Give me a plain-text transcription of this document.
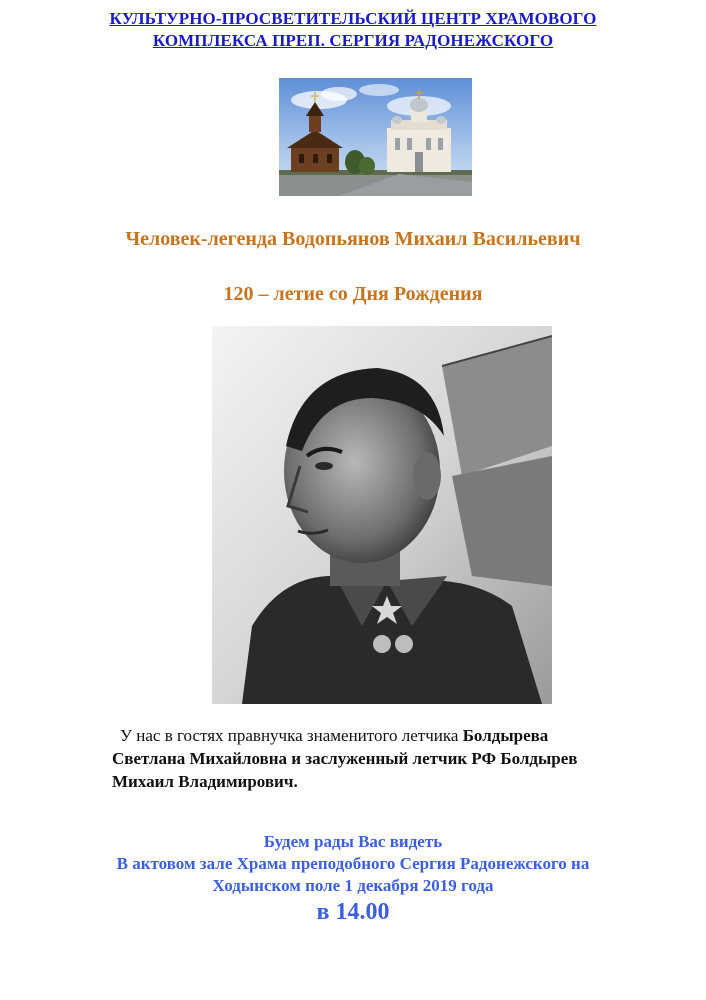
КУЛЬТУРНО-ПРОСВЕТИТЕЛЬСКИЙ ЦЕНТР ХРАМОВОГО
КОМПЛЕКСА ПРЕП. СЕРГИЯ РАДОНЕЖСКОГО
Человек-легенда Водопьянов Михаил Васильевич
120 – летие со Дня Рождения
У нас в гостях правнучка знаменитого летчика Болдырева
Светлана Михайловна и заслуженный летчик РФ Болдырев
Михаил Владимирович.
Будем рады Вас видеть
В актовом зале Храма преподобного Сергия Радонежского на
Ходынском поле 1 декабря 2019 года
в 14.00
